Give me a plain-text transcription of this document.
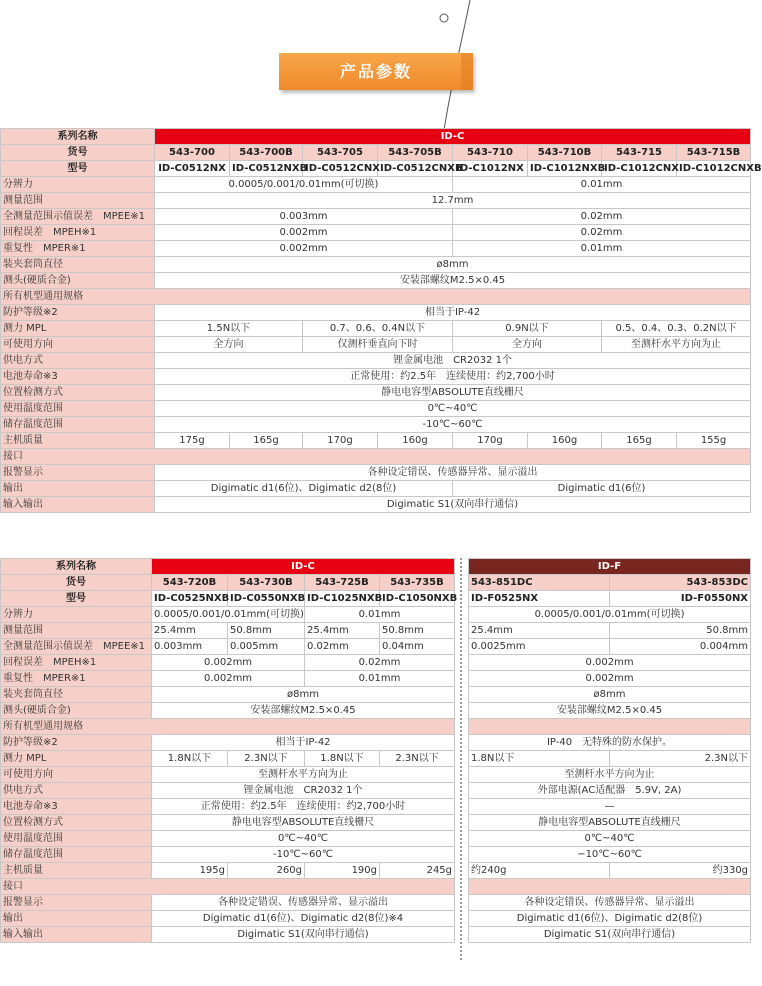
产品参数
系列名称	ID-C							
货号	543-700	543-700B	543-705	543-705B	543-710	543-710B	543-715	543-715B
型号	ID-C0512NX	ID-C0512NXB	ID-C0512CNX	ID-C0512CNXB	ID-C1012NX	ID-C1012NXB	ID-C1012CNX	ID-C1012CNXB
分辨力	0.0005/0.001/0.01mm(可切换)				0.01mm			
测量范围	12.7mm							
全测量范围示值误差　MPEE※1	0.003mm				0.02mm			
回程误差　MPEH※1	0.002mm				0.02mm			
重复性　MPER※1	0.002mm				0.01mm			
装夹套筒直径	ø8mm							
测头(硬质合金)	安装部螺纹M2.5×0.45							
所有机型通用规格								
防护等级※2	相当于IP-42							
测力 MPL	1.5N以下		0.7、0.6、0.4N以下		0.9N以下		0.5、0.4、0.3、0.2N以下	
可使用方向	全方向		仅测杆垂直向下时		全方向		至测杆水平方向为止	
供电方式	锂金属电池　CR2032 1个							
电池寿命※3	正常使用：约2.5年　连续使用：约2,700小时							
位置检测方式	静电电容型ABSOLUTE直线栅尺							
使用温度范围	0℃~40℃							
储存温度范围	-10℃~60℃							
主机质量	175g	165g	170g	160g	170g	160g	165g	155g
接口								
报警显示	各种设定错误、传感器异常、显示溢出							
输出	Digimatic d1(6位)、Digimatic d2(8位)				Digimatic d1(6位)			
输入输出	Digimatic S1(双向串行通信)							
系列名称	ID-C					ID-F	
货号	543-720B	543-730B	543-725B	543-735B		543-851DC	543-853DC
型号	ID-C0525NXB	ID-C0550NXB	ID-C1025NXB	ID-C1050NXB		ID-F0525NX	ID-F0550NX
分辨力	0.0005/0.001/0.01mm(可切换)		0.01mm			0.0005/0.001/0.01mm(可切换)	
测量范围	25.4mm	50.8mm	25.4mm	50.8mm		25.4mm	50.8mm
全测量范围示值误差　MPEE※1	0.003mm	0.005mm	0.02mm	0.04mm		0.0025mm	0.004mm
回程误差　MPEH※1	0.002mm		0.02mm			0.002mm	
重复性　MPER※1	0.002mm		0.01mm			0.002mm	
装夹套筒直径	ø8mm					ø8mm	
测头(硬质合金)	安装部螺纹M2.5×0.45					安装部螺纹M2.5×0.45	
所有机型通用规格							
防护等级※2	相当于IP-42					IP-40　无特殊的防水保护。	
测力 MPL	1.8N以下	2.3N以下	1.8N以下	2.3N以下		1.8N以下	2.3N以下
可使用方向	至测杆水平方向为止					至测杆水平方向为止	
供电方式	锂金属电池　CR2032 1个					外部电源(AC适配器　5.9V, 2A)	
电池寿命※3	正常使用：约2.5年　连续使用：约2,700小时					—	
位置检测方式	静电电容型ABSOLUTE直线栅尺					静电电容型ABSOLUTE直线栅尺	
使用温度范围	0℃~40℃					0℃~40℃	
储存温度范围	-10℃~60℃					−10℃~60℃	
主机质量	195g	260g	190g	245g		约240g	约330g
接口							
报警显示	各种设定错误、传感器异常、显示溢出					各种设定错误、传感器异常、显示溢出	
输出	Digimatic d1(6位)、Digimatic d2(8位)※4					Digimatic d1(6位)、Digimatic d2(8位)	
输入输出	Digimatic S1(双向串行通信)					Digimatic S1(双向串行通信)	
